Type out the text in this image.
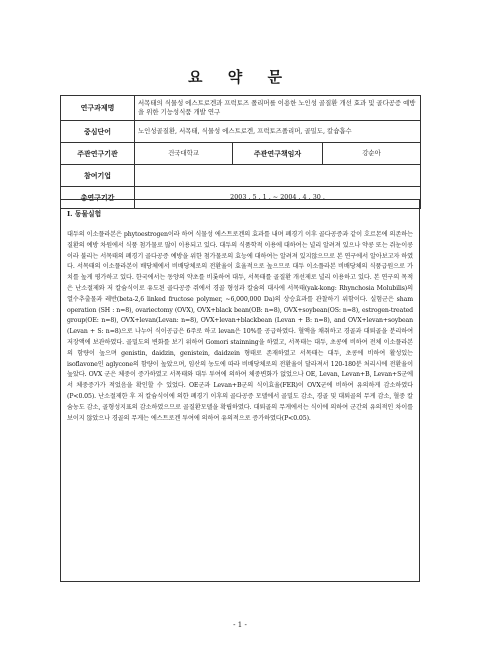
요 약 문
연구과제명	서목태의 식물성 에스트로겐과 프럭토즈 폴리머를 이용한 노인성 골질환 개선 효과 및 골다공증 예방을 위한 기능성식품 개발 연구		
중심단어	노인성골질환, 서목태, 식물성 에스트로겐, 프럭토즈폴리머, 골밀도, 칼슘흡수		
주관연구기관	건국대학교	주관연구책임자	강순아
참여기업			
총연구기간	2003 . 5 . 1 . ~ 2004 . 4 . 30 .		
Ⅰ. 동물실험

대두의 이소플라본은 phytoestrogen이라 하여 식물성 에스트로겐의 효과를 내며 폐경기 이후 골다공증과 같이 호르몬에 의존하는 질환의 예방 차원에서 식품 첨가물로 많이 이용되고 있다. 대두의 식품학적 이용에 대하여는 널리 알려져 있으나 약콩 또는 쥐눈이콩이라 불리는 서목태의 폐경기 골다공증 예방을 위한 첨가물로의 효능에 대하여는 알려져 있지않으므로 본 연구에서 알아보고자 하였다. 서목태의 이소플라본이 배당체에서 비배당체로의 전환율이 효율적으로 높으므로 대두 이소플라본 비배당체의 식품급원으로 가치를 높게 평가하고 있다. 한국에서는 동양의 약초를 비롯하여 대두, 서목태를 골질환 개선제로 널리 이용하고 있다. 본 연구의 목적은 난소절제와 저 칼슘식이로 유도된 골다공증 쥐에서 경골 형성과 칼슘의 대사에 서목태(yak-kong: Rhynchosia Molubilis)의 열수추출물과 레반(beta-2,6 linked fructose polymer, ~6,000,000 Da)의 상승효과를 관찰하기 위함이다. 실험군은 sham operation (SH : n=8), ovariectomy (OVX), OVX+black bean(OB: n=8), OVX+soybean(OS: n=8), estrogen-treated group(OE: n=8), OVX+levan(Levan: n=8), OVX+levan+blackbean (Levan + B: n=8), and OVX+levan+soybean (Levan + S: n=8)으로 나누어 식이공급은 6주로 하고 levan은 10%를 공급하였다. 혈액을 채취하고 경골과 대퇴골을 분리하여 저장액에 보관하였다. 골밀도의 변화를 보기 위하여 Gomori stainning을 하였고, 서목태는 대두, 초콩에 비하여 전체 이소플라본의 함량이 높으며 genistin, daidzin, genistein, daidzein 형태로 존재하였고 서목태는 대두, 초콩에 비하여 활성있는 isoflavone인 aglycone의 함량이 높았으며, 임산의 농도에 따라 비배당체로의 전환율이 달라져서 120-180분 처리시에 전환율이 높았다. OVX 군은 체중이 증가하였고 서목태와 대두 투여에 의하여 체중변화가 없었으나 OE, Levan, Levan+B, Levan+S군에서 체중증가가 적었음을 확인할 수 있었다. OE군과 Levan+B군의 식이효율(FER)이 OVX군에 비하여 유의하게 감소하였다(P<0.05). 난소절제한 후 저 칼슘식이에 의한 폐경기 이후의 골다공증 모델에서 골밀도 감소, 경골 및 대퇴골의 무게 감소, 혈중 칼슘농도 감소, 골형성지표의 감소하였으므로 골질환모델을 확립하였다. 대퇴골의 무게에서는 식이에 의하여 군간의 유의적인 차이를 보이지 않았으나 경골의 무게는 에스트로겐 투여에 의하여 유의적으로 증가하였다(P<0.05).

- 1 -
